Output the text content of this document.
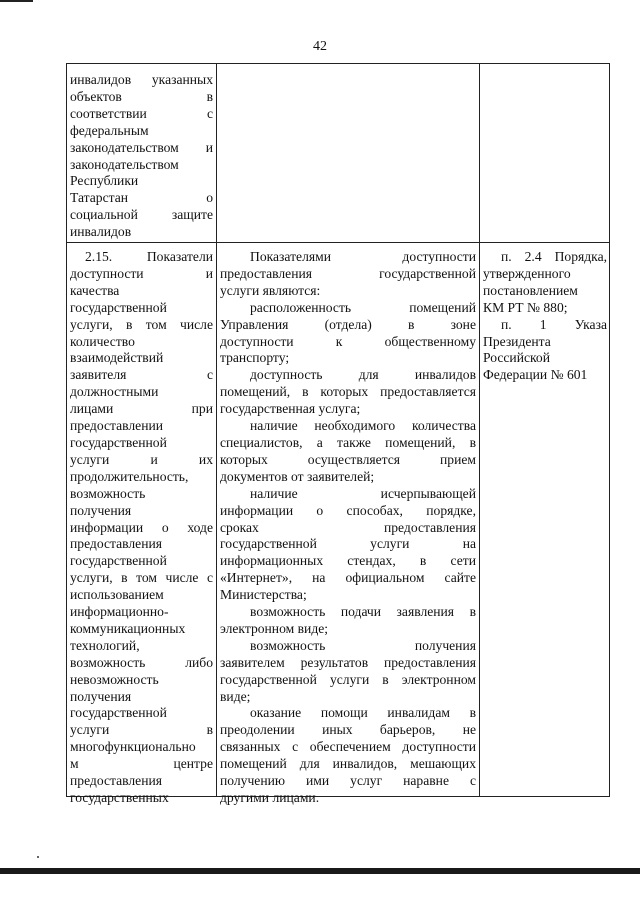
42
инвалидов указанных
объектов в
соответствии с
федеральным
законодательством и
законодательством
Республики
Татарстан о
социальной защите
инвалидов
2.15. Показатели
доступности и
качества
государственной
услуги, в том числе
количество
взаимодействий
заявителя с
должностными
лицами при
предоставлении
государственной
услуги и их
продолжительность,
возможность
получения
информации о ходе
предоставления
государственной
услуги, в том числе с
использованием
информационно-
коммуникационных
технологий,
возможность либо
невозможность
получения
государственной
услуги в
многофункционально
м центре
предоставления
государственных
Показателями доступности
предоставления государственной
услуги являются:
расположенность помещений
Управления (отдела) в зоне
доступности к общественному
транспорту;
доступность для инвалидов
помещений, в которых предоставляется
государственная услуга;
наличие необходимого количества
специалистов, а также помещений, в
которых осуществляется прием
документов от заявителей;
наличие исчерпывающей
информации о способах, порядке,
сроках предоставления
государственной услуги на
информационных стендах, в сети
«Интернет», на официальном сайте
Министерства;
возможность подачи заявления в
электронном виде;
возможность получения
заявителем результатов предоставления
государственной услуги в электронном
виде;
оказание помощи инвалидам в
преодолении иных барьеров, не
связанных с обеспечением доступности
помещений для инвалидов, мешающих
получению ими услуг наравне с
другими лицами.
п. 2.4 Порядка,
утвержденного
постановлением
КМ РТ № 880;
п. 1 Указа
Президента
Российской
Федерации № 601
